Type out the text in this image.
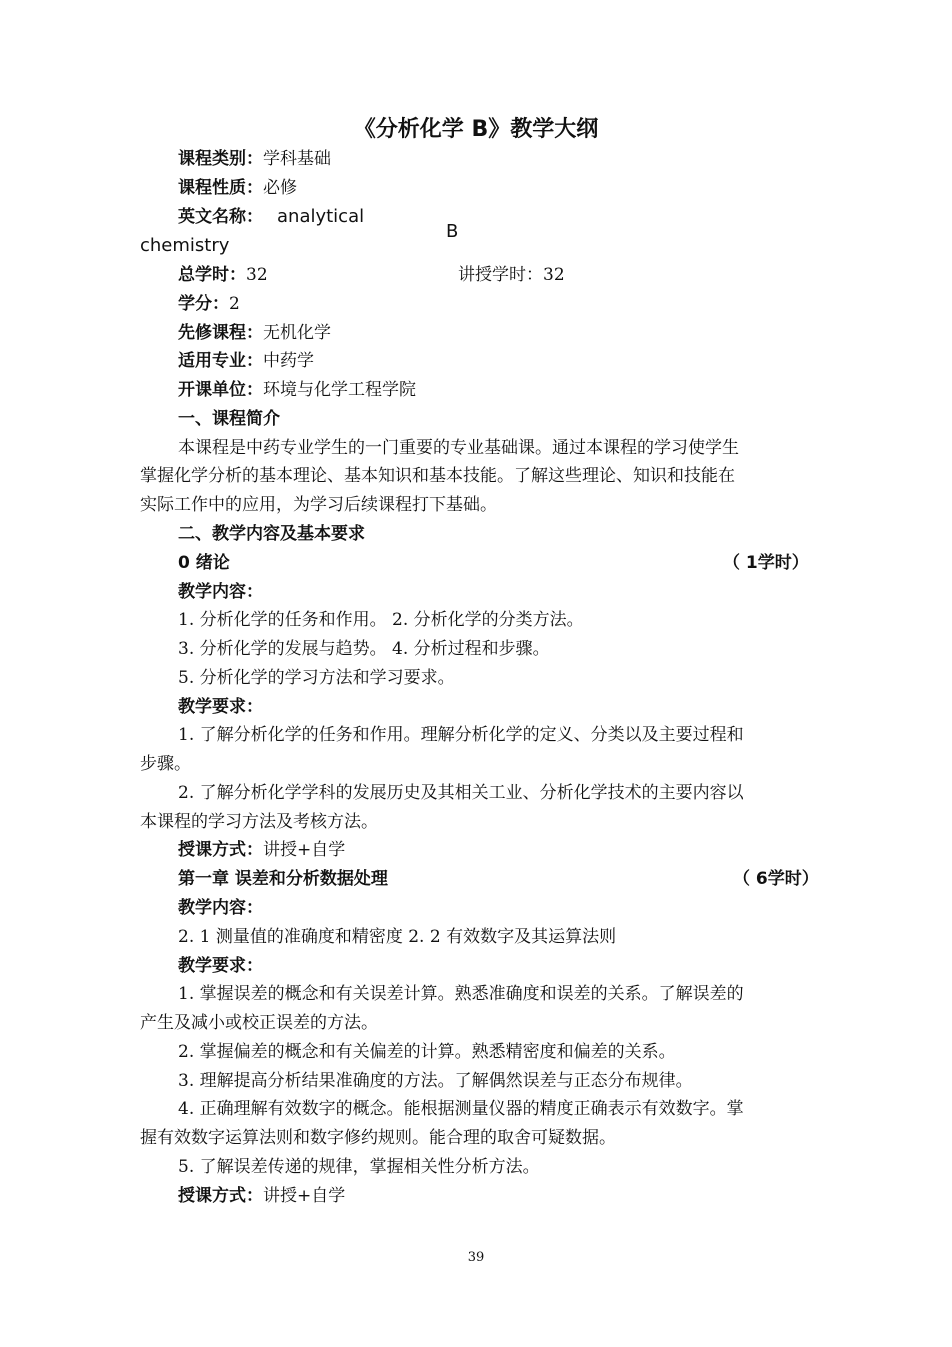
《分析化学 B》教学大纲
课程类别：学科基础
课程性质：必修
英文名称： analytical
B
chemistry
总学时：32	讲授学时：32
学分：2
先修课程：无机化学
适用专业：中药学
开课单位：环境与化学工程学院
一、课程简介
本课程是中药专业学生的一门重要的专业基础课。通过本课程的学习使学生
掌握化学分析的基本理论、基本知识和基本技能。了解这些理论、知识和技能在
实际工作中的应用，为学习后续课程打下基础。
二、教学内容及基本要求
0 绪论	（ 1学时）
教学内容：
1. 分析化学的任务和作用。 2. 分析化学的分类方法。
3. 分析化学的发展与趋势。 4. 分析过程和步骤。
5. 分析化学的学习方法和学习要求。
教学要求：
1. 了解分析化学的任务和作用。理解分析化学的定义、分类以及主要过程和
步骤。
2. 了解分析化学学科的发展历史及其相关工业、分析化学技术的主要内容以
本课程的学习方法及考核方法。
授课方式：讲授+自学
第一章 误差和分析数据处理	（ 6学时）
教学内容：
2. 1 测量值的准确度和精密度 2. 2 有效数字及其运算法则
教学要求：
1. 掌握误差的概念和有关误差计算。熟悉准确度和误差的关系。了解误差的
产生及减小或校正误差的方法。
2. 掌握偏差的概念和有关偏差的计算。熟悉精密度和偏差的关系。
3. 理解提高分析结果准确度的方法。了解偶然误差与正态分布规律。
4. 正确理解有效数字的概念。能根据测量仪器的精度正确表示有效数字。掌
握有效数字运算法则和数字修约规则。能合理的取舍可疑数据。
5. 了解误差传递的规律，掌握相关性分析方法。
授课方式：讲授+自学
39
